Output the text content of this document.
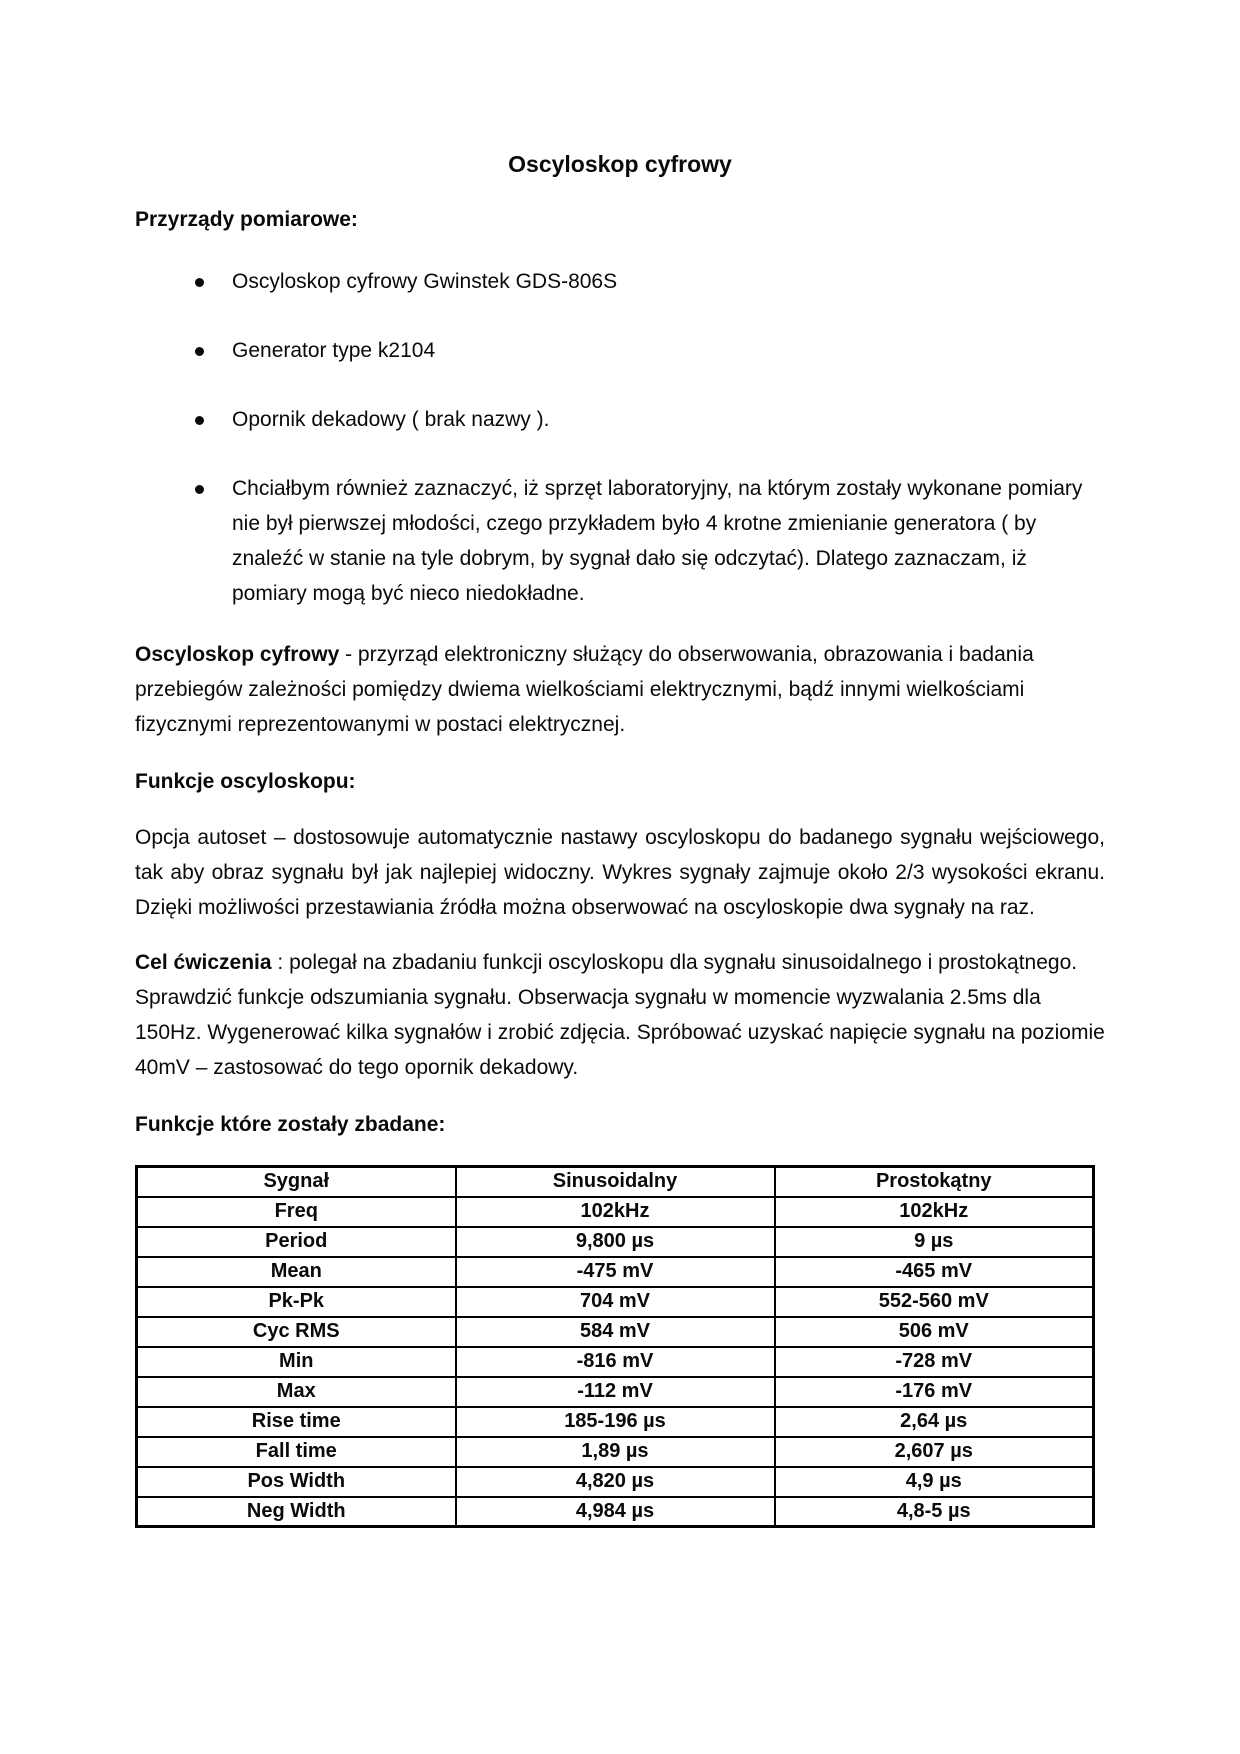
Oscyloskop cyfrowy
Przyrządy pomiarowe:
Oscyloskop cyfrowy Gwinstek GDS-806S
Generator type k2104
Opornik dekadowy ( brak nazwy ).
Chciałbym również zaznaczyć, iż sprzęt laboratoryjny, na którym zostały wykonane pomiary nie był pierwszej młodości, czego przykładem było 4 krotne zmienianie generatora ( by znaleźć w stanie na tyle dobrym, by sygnał dało się odczytać). Dlatego zaznaczam, iż pomiary mogą być nieco niedokładne.
Oscyloskop cyfrowy - przyrząd elektroniczny służący do obserwowania, obrazowania i badania przebiegów zależności pomiędzy dwiema wielkościami elektrycznymi, bądź innymi wielkościami fizycznymi reprezentowanymi w postaci elektrycznej.
Funkcje oscyloskopu:
Opcja autoset – dostosowuje automatycznie nastawy oscyloskopu do badanego sygnału wejściowego, tak aby obraz sygnału był jak najlepiej widoczny. Wykres sygnały zajmuje około 2/3 wysokości ekranu. Dzięki możliwości przestawiania źródła można obserwować na oscyloskopie dwa sygnały na raz.
Cel ćwiczenia : polegał na zbadaniu funkcji oscyloskopu dla sygnału sinusoidalnego i prostokątnego. Sprawdzić funkcje odszumiania sygnału. Obserwacja sygnału w momencie wyzwalania 2.5ms dla 150Hz. Wygenerować kilka sygnałów i zrobić zdjęcia. Spróbować uzyskać napięcie sygnału na poziomie 40mV – zastosować do tego opornik dekadowy.
Funkcje które zostały zbadane:
Sygnał	Sinusoidalny	Prostokątny
Freq	102kHz	102kHz
Period	9,800 µs	9 µs
Mean	-475 mV	-465 mV
Pk-Pk	704 mV	552-560 mV
Cyc RMS	584 mV	506 mV
Min	-816 mV	-728 mV
Max	-112 mV	-176 mV
Rise time	185-196 µs	2,64 µs
Fall time	1,89 µs	2,607 µs
Pos Width	4,820 µs	4,9 µs
Neg Width	4,984 µs	4,8-5 µs
